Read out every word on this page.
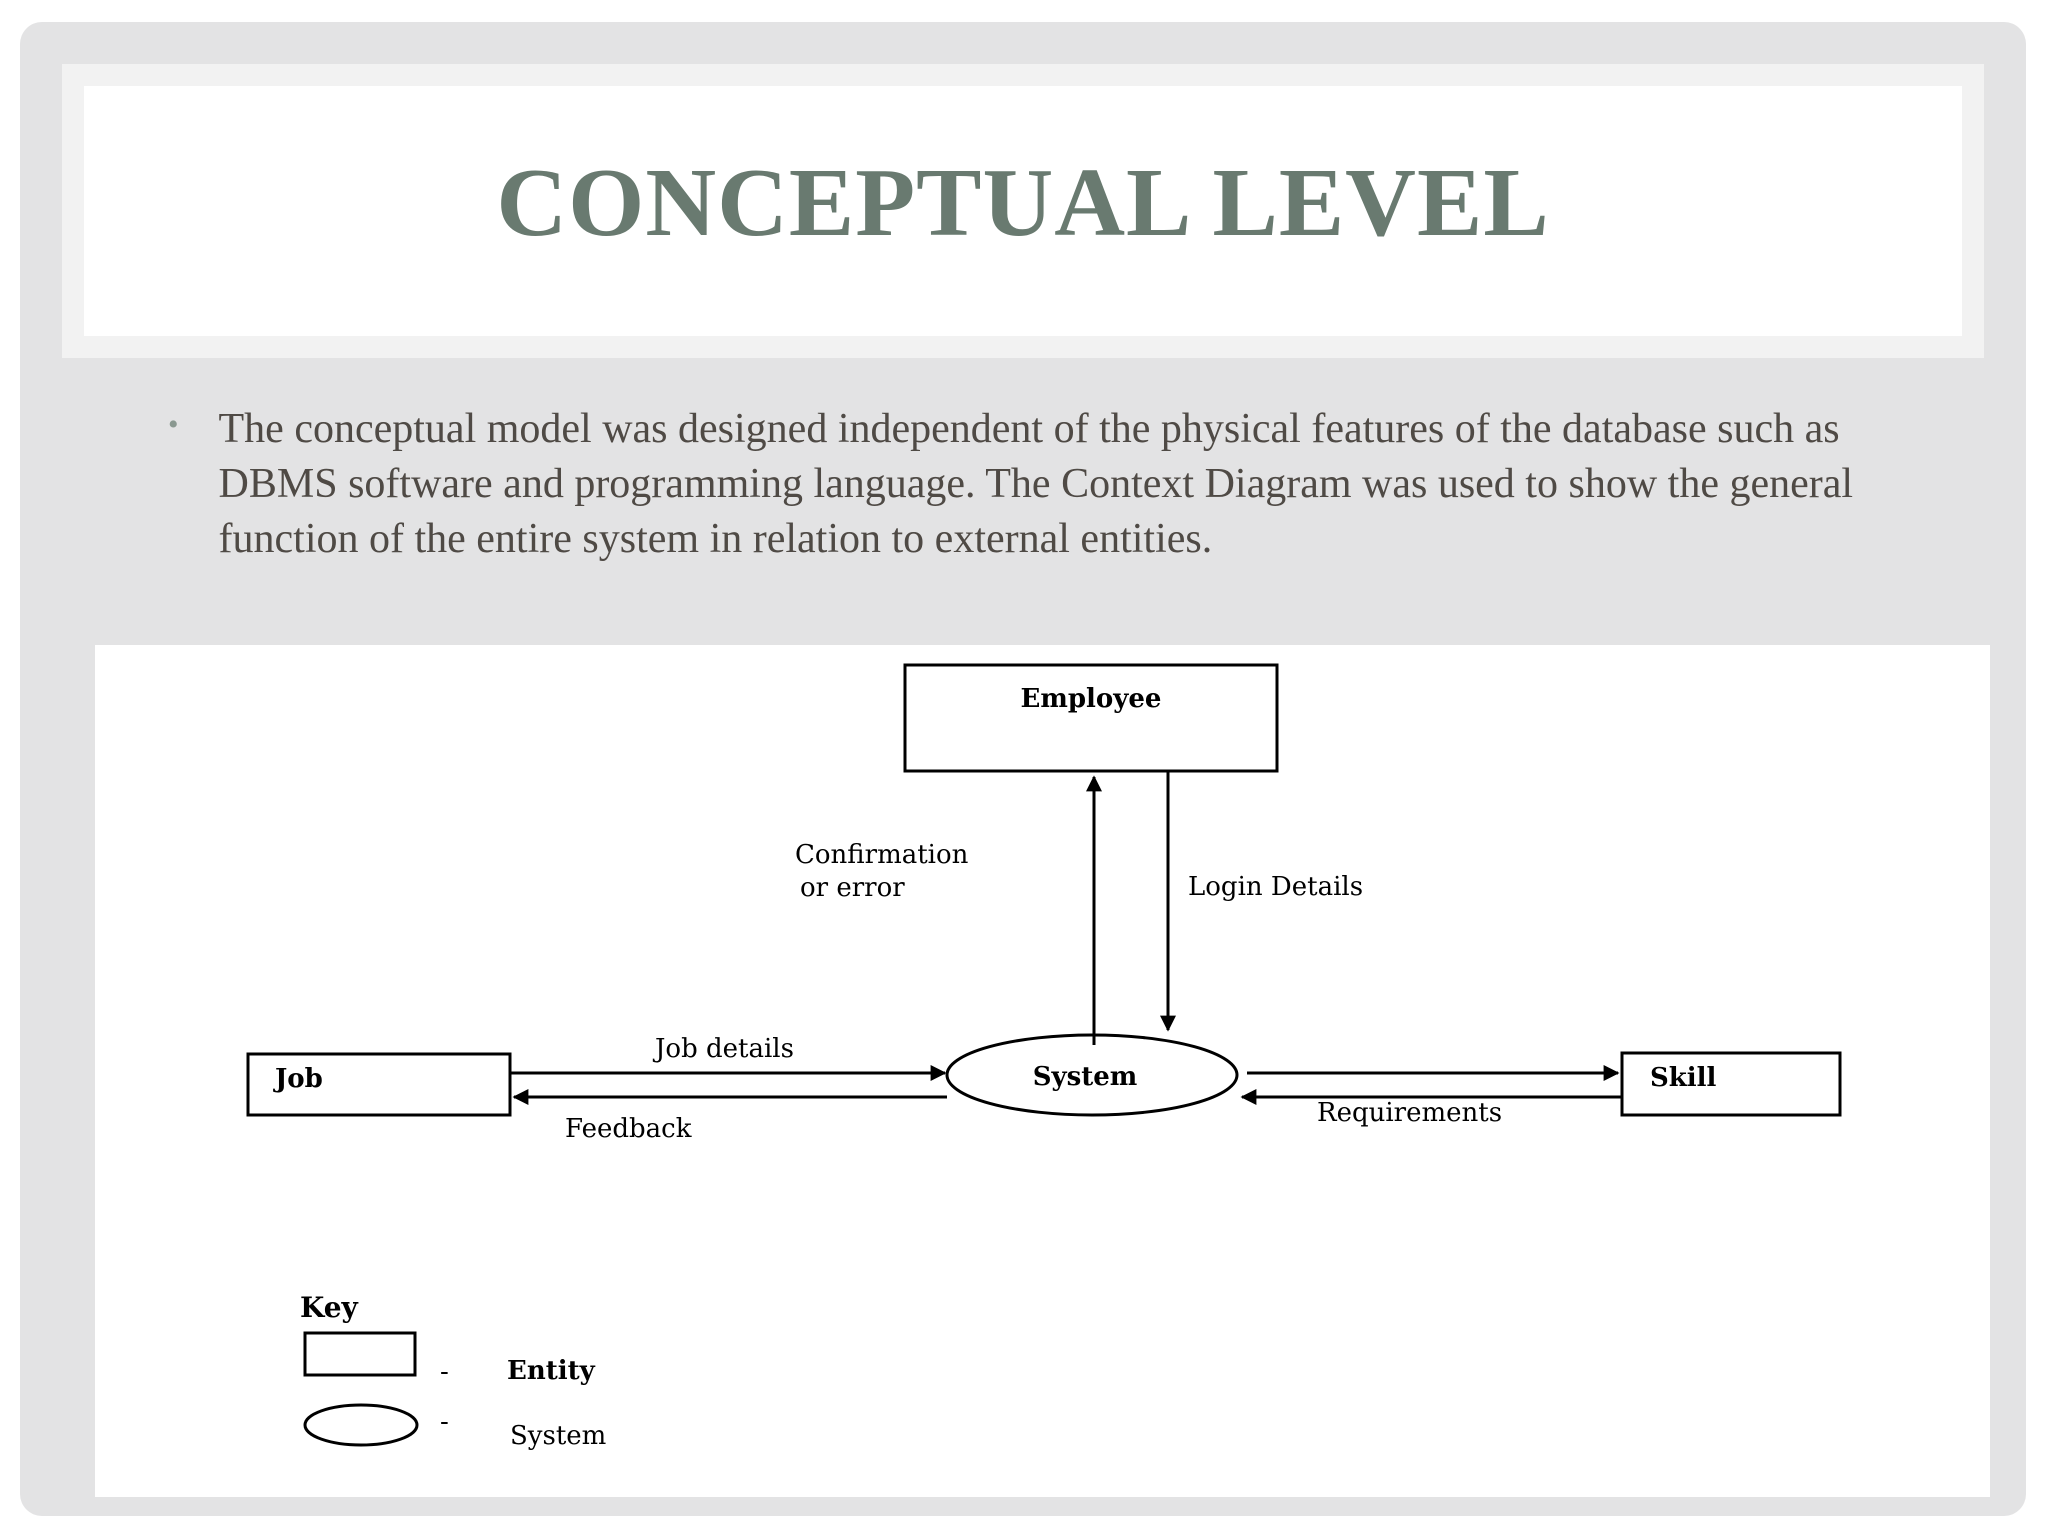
CONCEPTUAL LEVEL
• The conceptual model was designed independent of the physical features of the database such as DBMS software and programming language. The Context Diagram was used to show the general function of the entire system in relation to external entities.
Employee
Confirmation
or error	Login Details
System
Job
Job details
Feedback
Skill
Requirements
Key
- Entity
- System
